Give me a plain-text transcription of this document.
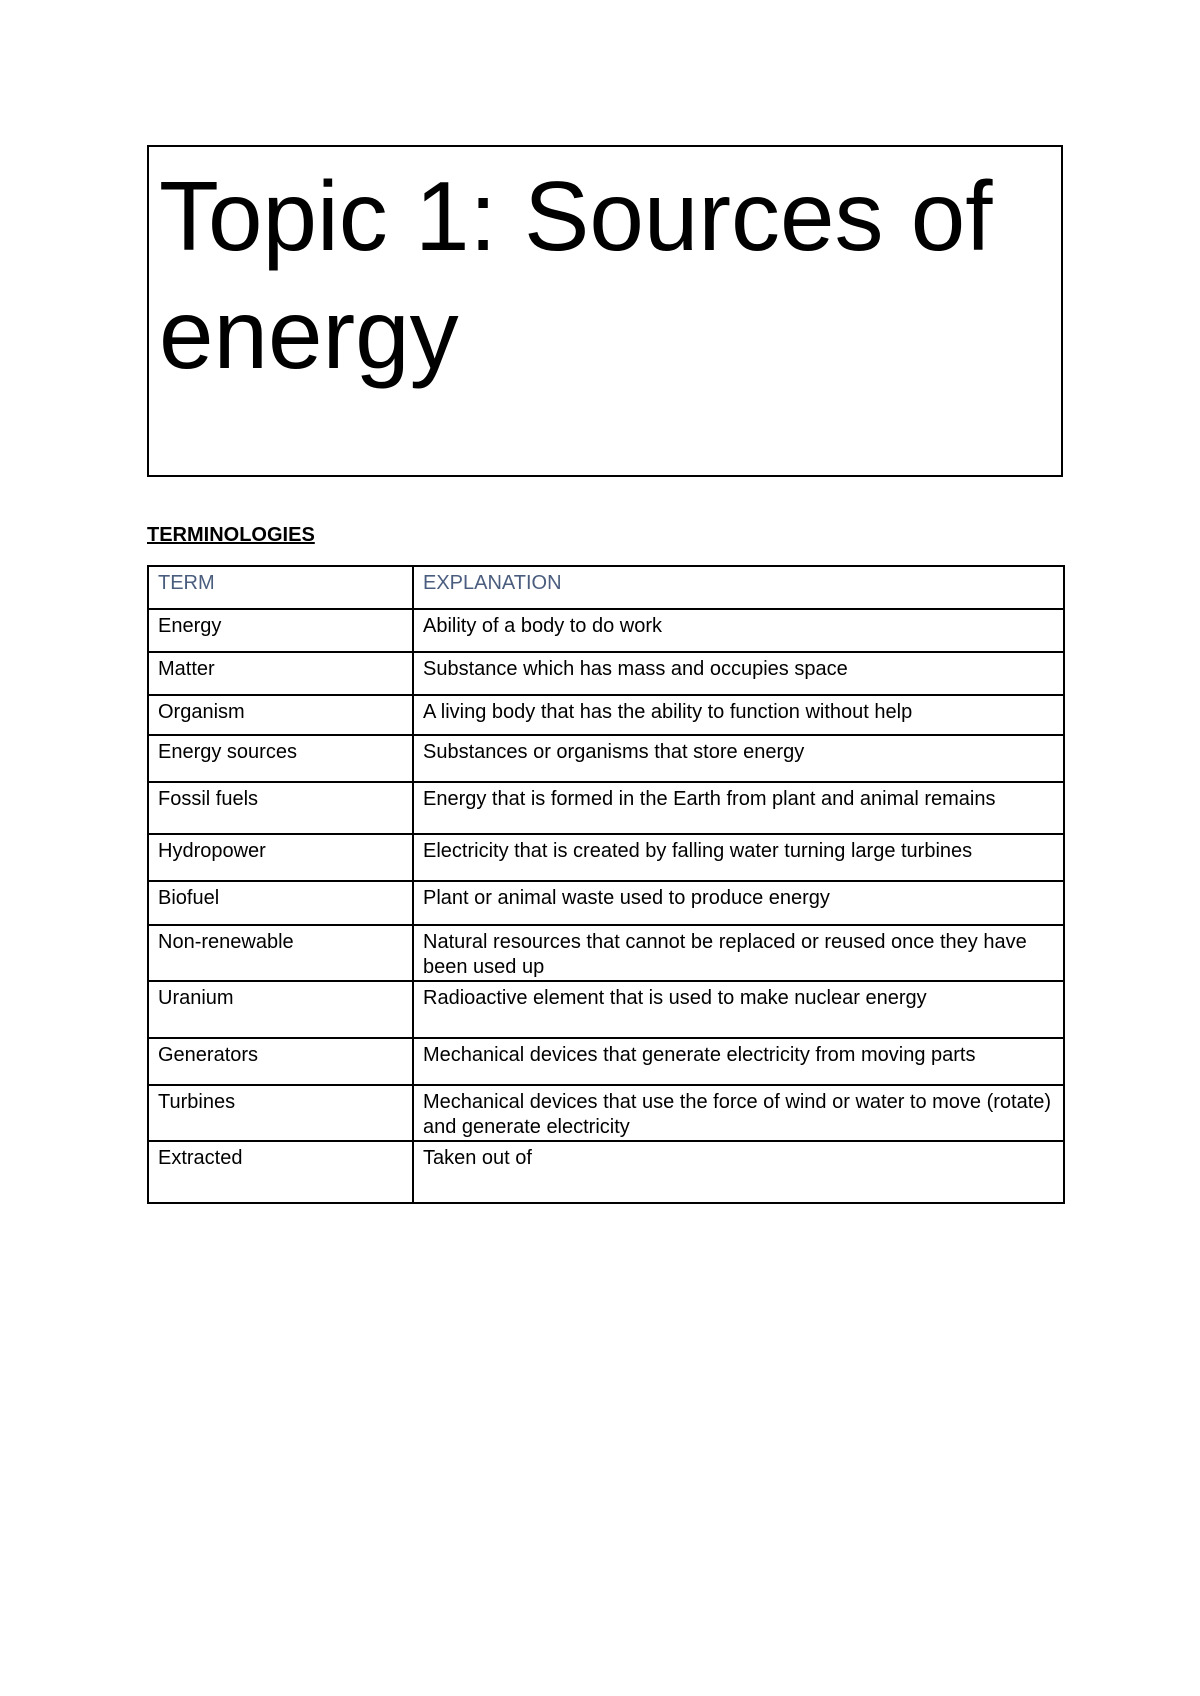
Topic 1: Sources of energy
TERMINOLOGIES
TERM	EXPLANATION
Energy	Ability of a body to do work
Matter	Substance which has mass and occupies space
Organism	A living body that has the ability to function without help
Energy sources	Substances or organisms that store energy
Fossil fuels	Energy that is formed in the Earth from plant and animal remains
Hydropower	Electricity that is created by falling water turning large turbines
Biofuel	Plant or animal waste used to produce energy
Non-renewable	Natural resources that cannot be replaced or reused once they have been used up
Uranium	Radioactive element that is used to make nuclear energy
Generators	Mechanical devices that generate electricity from moving parts
Turbines	Mechanical devices that use the force of wind or water to move (rotate) and generate electricity
Extracted	Taken out of
